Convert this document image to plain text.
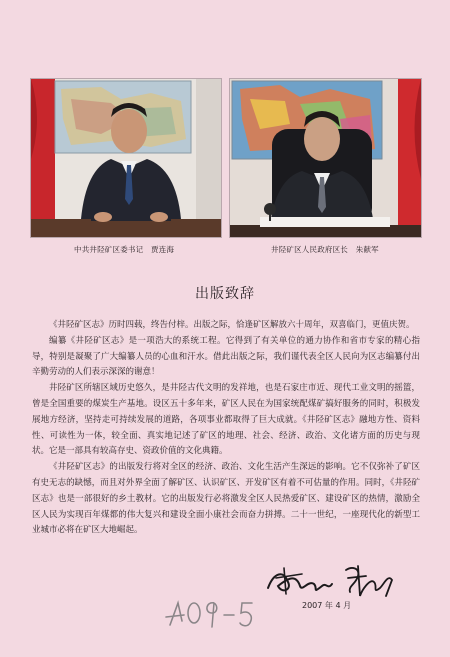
中共井陉矿区委书记　贾连海	井陉矿区人民政府区长　朱献军
出版致辞

《井陉矿区志》历时四载，终告付梓。出版之际，恰逢矿区解放六十周年，双喜临门，更值庆贺。

编纂《井陉矿区志》是一项浩大的系统工程。它得到了有关单位的通力协作和省市专家的精心指导，特别是凝聚了广大编纂人员的心血和汗水。借此出版之际，我们谨代表全区人民向为区志编纂付出辛勤劳动的人们表示深深的谢意！

井陉矿区所辖区域历史悠久，是井陉古代文明的发祥地，也是石家庄市近、现代工业文明的摇篮，曾是全国重要的煤炭生产基地。设区五十多年来，矿区人民在为国家统配煤矿搞好服务的同时，积极发展地方经济，坚持走可持续发展的道路，各项事业都取得了巨大成就。《井陉矿区志》融地方性、资料性、可读性为一体，较全面、真实地记述了矿区的地理、社会、经济、政治、文化诸方面的历史与现状。它是一部具有较高存史、资政价值的文化典籍。

《井陉矿区志》的出版发行将对全区的经济、政治、文化生活产生深远的影响。它不仅弥补了矿区有史无志的缺憾，而且对外界全面了解矿区、认识矿区、开发矿区有着不可估量的作用。同时，《井陉矿区志》也是一部很好的乡土教材。它的出版发行必将激发全区人民热爱矿区、建设矿区的热情，激励全区人民为实现百年煤都的伟大复兴和建设全面小康社会而奋力拼搏。二十一世纪，一座现代化的新型工业城市必将在矿区大地崛起。

2007 年 4 月
